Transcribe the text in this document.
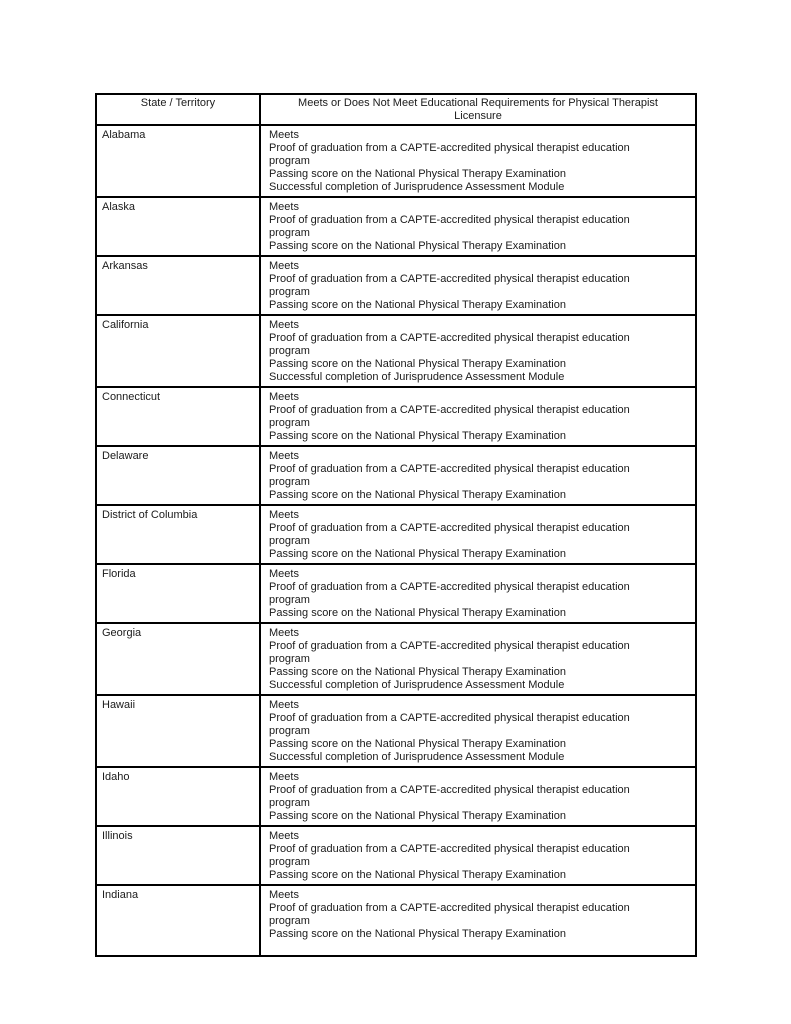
State / Territory	Meets or Does Not Meet Educational Requirements for Physical Therapist Licensure

Alabama	Meets
Proof of graduation from a CAPTE-accredited physical therapist education program
Passing score on the National Physical Therapy Examination
Successful completion of Jurisprudence Assessment Module

Alaska	Meets
Proof of graduation from a CAPTE-accredited physical therapist education program
Passing score on the National Physical Therapy Examination

Arkansas	Meets
Proof of graduation from a CAPTE-accredited physical therapist education program
Passing score on the National Physical Therapy Examination

California	Meets
Proof of graduation from a CAPTE-accredited physical therapist education program
Passing score on the National Physical Therapy Examination
Successful completion of Jurisprudence Assessment Module

Connecticut	Meets
Proof of graduation from a CAPTE-accredited physical therapist education program
Passing score on the National Physical Therapy Examination

Delaware	Meets
Proof of graduation from a CAPTE-accredited physical therapist education program
Passing score on the National Physical Therapy Examination

District of Columbia	Meets
Proof of graduation from a CAPTE-accredited physical therapist education program
Passing score on the National Physical Therapy Examination

Florida	Meets
Proof of graduation from a CAPTE-accredited physical therapist education program
Passing score on the National Physical Therapy Examination

Georgia	Meets
Proof of graduation from a CAPTE-accredited physical therapist education program
Passing score on the National Physical Therapy Examination
Successful completion of Jurisprudence Assessment Module

Hawaii	Meets
Proof of graduation from a CAPTE-accredited physical therapist education program
Passing score on the National Physical Therapy Examination
Successful completion of Jurisprudence Assessment Module

Idaho	Meets
Proof of graduation from a CAPTE-accredited physical therapist education program
Passing score on the National Physical Therapy Examination

Illinois	Meets
Proof of graduation from a CAPTE-accredited physical therapist education program
Passing score on the National Physical Therapy Examination

Indiana	Meets
Proof of graduation from a CAPTE-accredited physical therapist education program
Passing score on the National Physical Therapy Examination
